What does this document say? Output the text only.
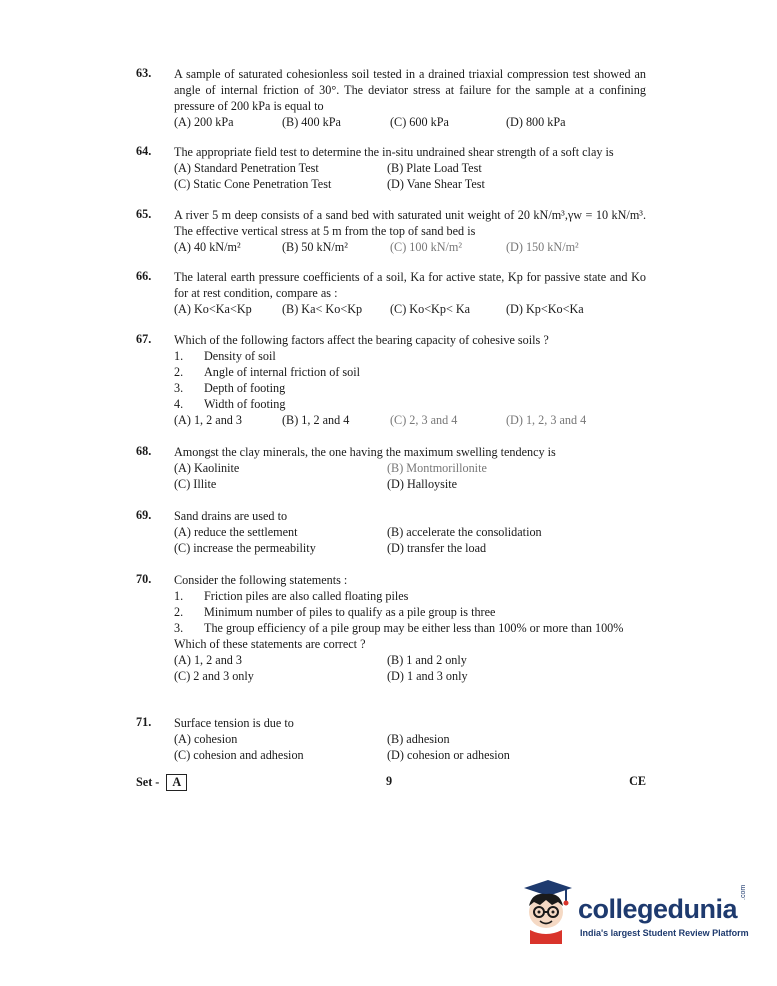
63.	A sample of saturated cohesionless soil tested in a drained triaxial compression test showed an angle of internal friction of 30°. The deviator stress at failure for the sample at a confining pressure of 200 kPa is equal to
(A) 200 kPa	(B) 400 kPa	(C) 600 kPa	(D) 800 kPa
64.	The appropriate field test to determine the in-situ undrained shear strength of a soft clay is
(A) Standard Penetration Test	(B) Plate Load Test
(C) Static Cone Penetration Test	(D) Vane Shear Test
65.	A river 5 m deep consists of a sand bed with saturated unit weight of 20 kN/m³,γw = 10 kN/m³. The effective vertical stress at 5 m from the top of sand bed is
(A) 40 kN/m²	(B) 50 kN/m²	(C) 100 kN/m²	(D) 150 kN/m²
66.	The lateral earth pressure coefficients of a soil, Ka for active state, Kp for passive state and Ko for at rest condition, compare as :
(A) Ko<Ka<Kp	(B) Ka< Ko<Kp	(C) Ko<Kp< Ka	(D) Kp<Ko<Ka
67.	Which of the following factors affect the bearing capacity of cohesive soils ?
1.	Density of soil
2.	Angle of internal friction of soil
3.	Depth of footing
4.	Width of footing
(A) 1, 2 and 3	(B) 1, 2 and 4	(C) 2, 3 and 4	(D) 1, 2, 3 and 4
68.	Amongst the clay minerals, the one having the maximum swelling tendency is
(A) Kaolinite	(B) Montmorillonite
(C) Illite	(D) Halloysite
69.	Sand drains are used to
(A) reduce the settlement	(B) accelerate the consolidation
(C) increase the permeability	(D) transfer the load
70.	Consider the following statements :
1.	Friction piles are also called floating piles
2.	Minimum number of piles to qualify as a pile group is three
3.	The group efficiency of a pile group may be either less than 100% or more than 100%
Which of these statements are correct ?
(A) 1, 2 and 3	(B) 1 and 2 only
(C) 2 and 3 only	(D) 1 and 3 only
71.	Surface tension is due to
(A) cohesion	(B) adhesion
(C) cohesion and adhesion	(D) cohesion or adhesion
Set - A	9	CE
collegedunia
.com
India's largest Student Review Platform
